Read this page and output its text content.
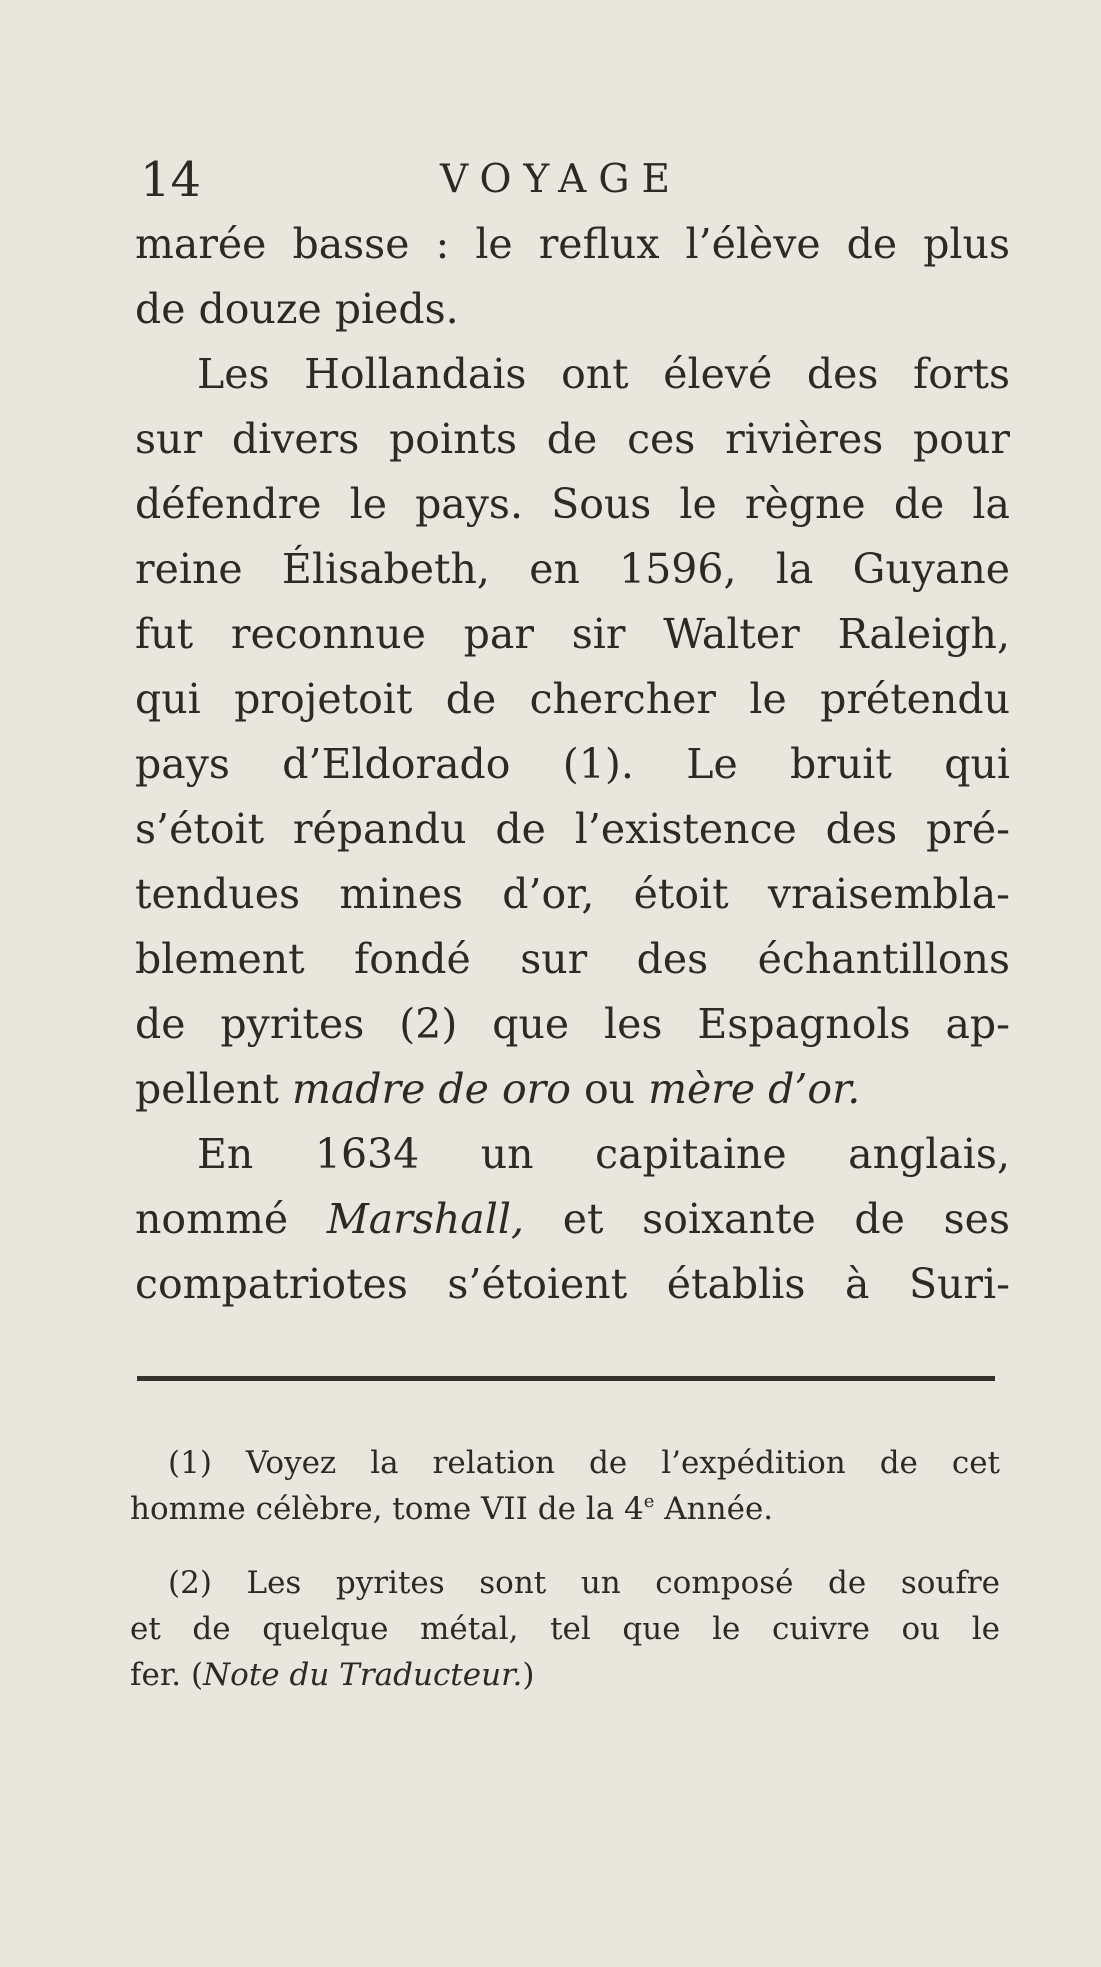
14	VOYAGE
marée basse : le reflux l’élève de plus
de douze pieds.
Les Hollandais ont élevé des forts
sur divers points de ces rivières pour
défendre le pays. Sous le règne de la
reine Élisabeth, en 1596, la Guyane
fut reconnue par sir Walter Raleigh,
qui projetoit de chercher le prétendu
pays d’Eldorado (1). Le bruit qui
s’étoit répandu de l’existence des pré-
tendues mines d’or, étoit vraisembla-
blement fondé sur des échantillons
de pyrites (2) que les Espagnols ap-
pellent madre de oro ou mère d’or.
En 1634 un capitaine anglais,
nommé Marshall, et soixante de ses
compatriotes s’étoient établis à Suri-
(1) Voyez la relation de l’expédition de cet
homme célèbre, tome VII de la 4e Année.
(2) Les pyrites sont un composé de soufre
et de quelque métal, tel que le cuivre ou le
fer. (Note du Traducteur.)
